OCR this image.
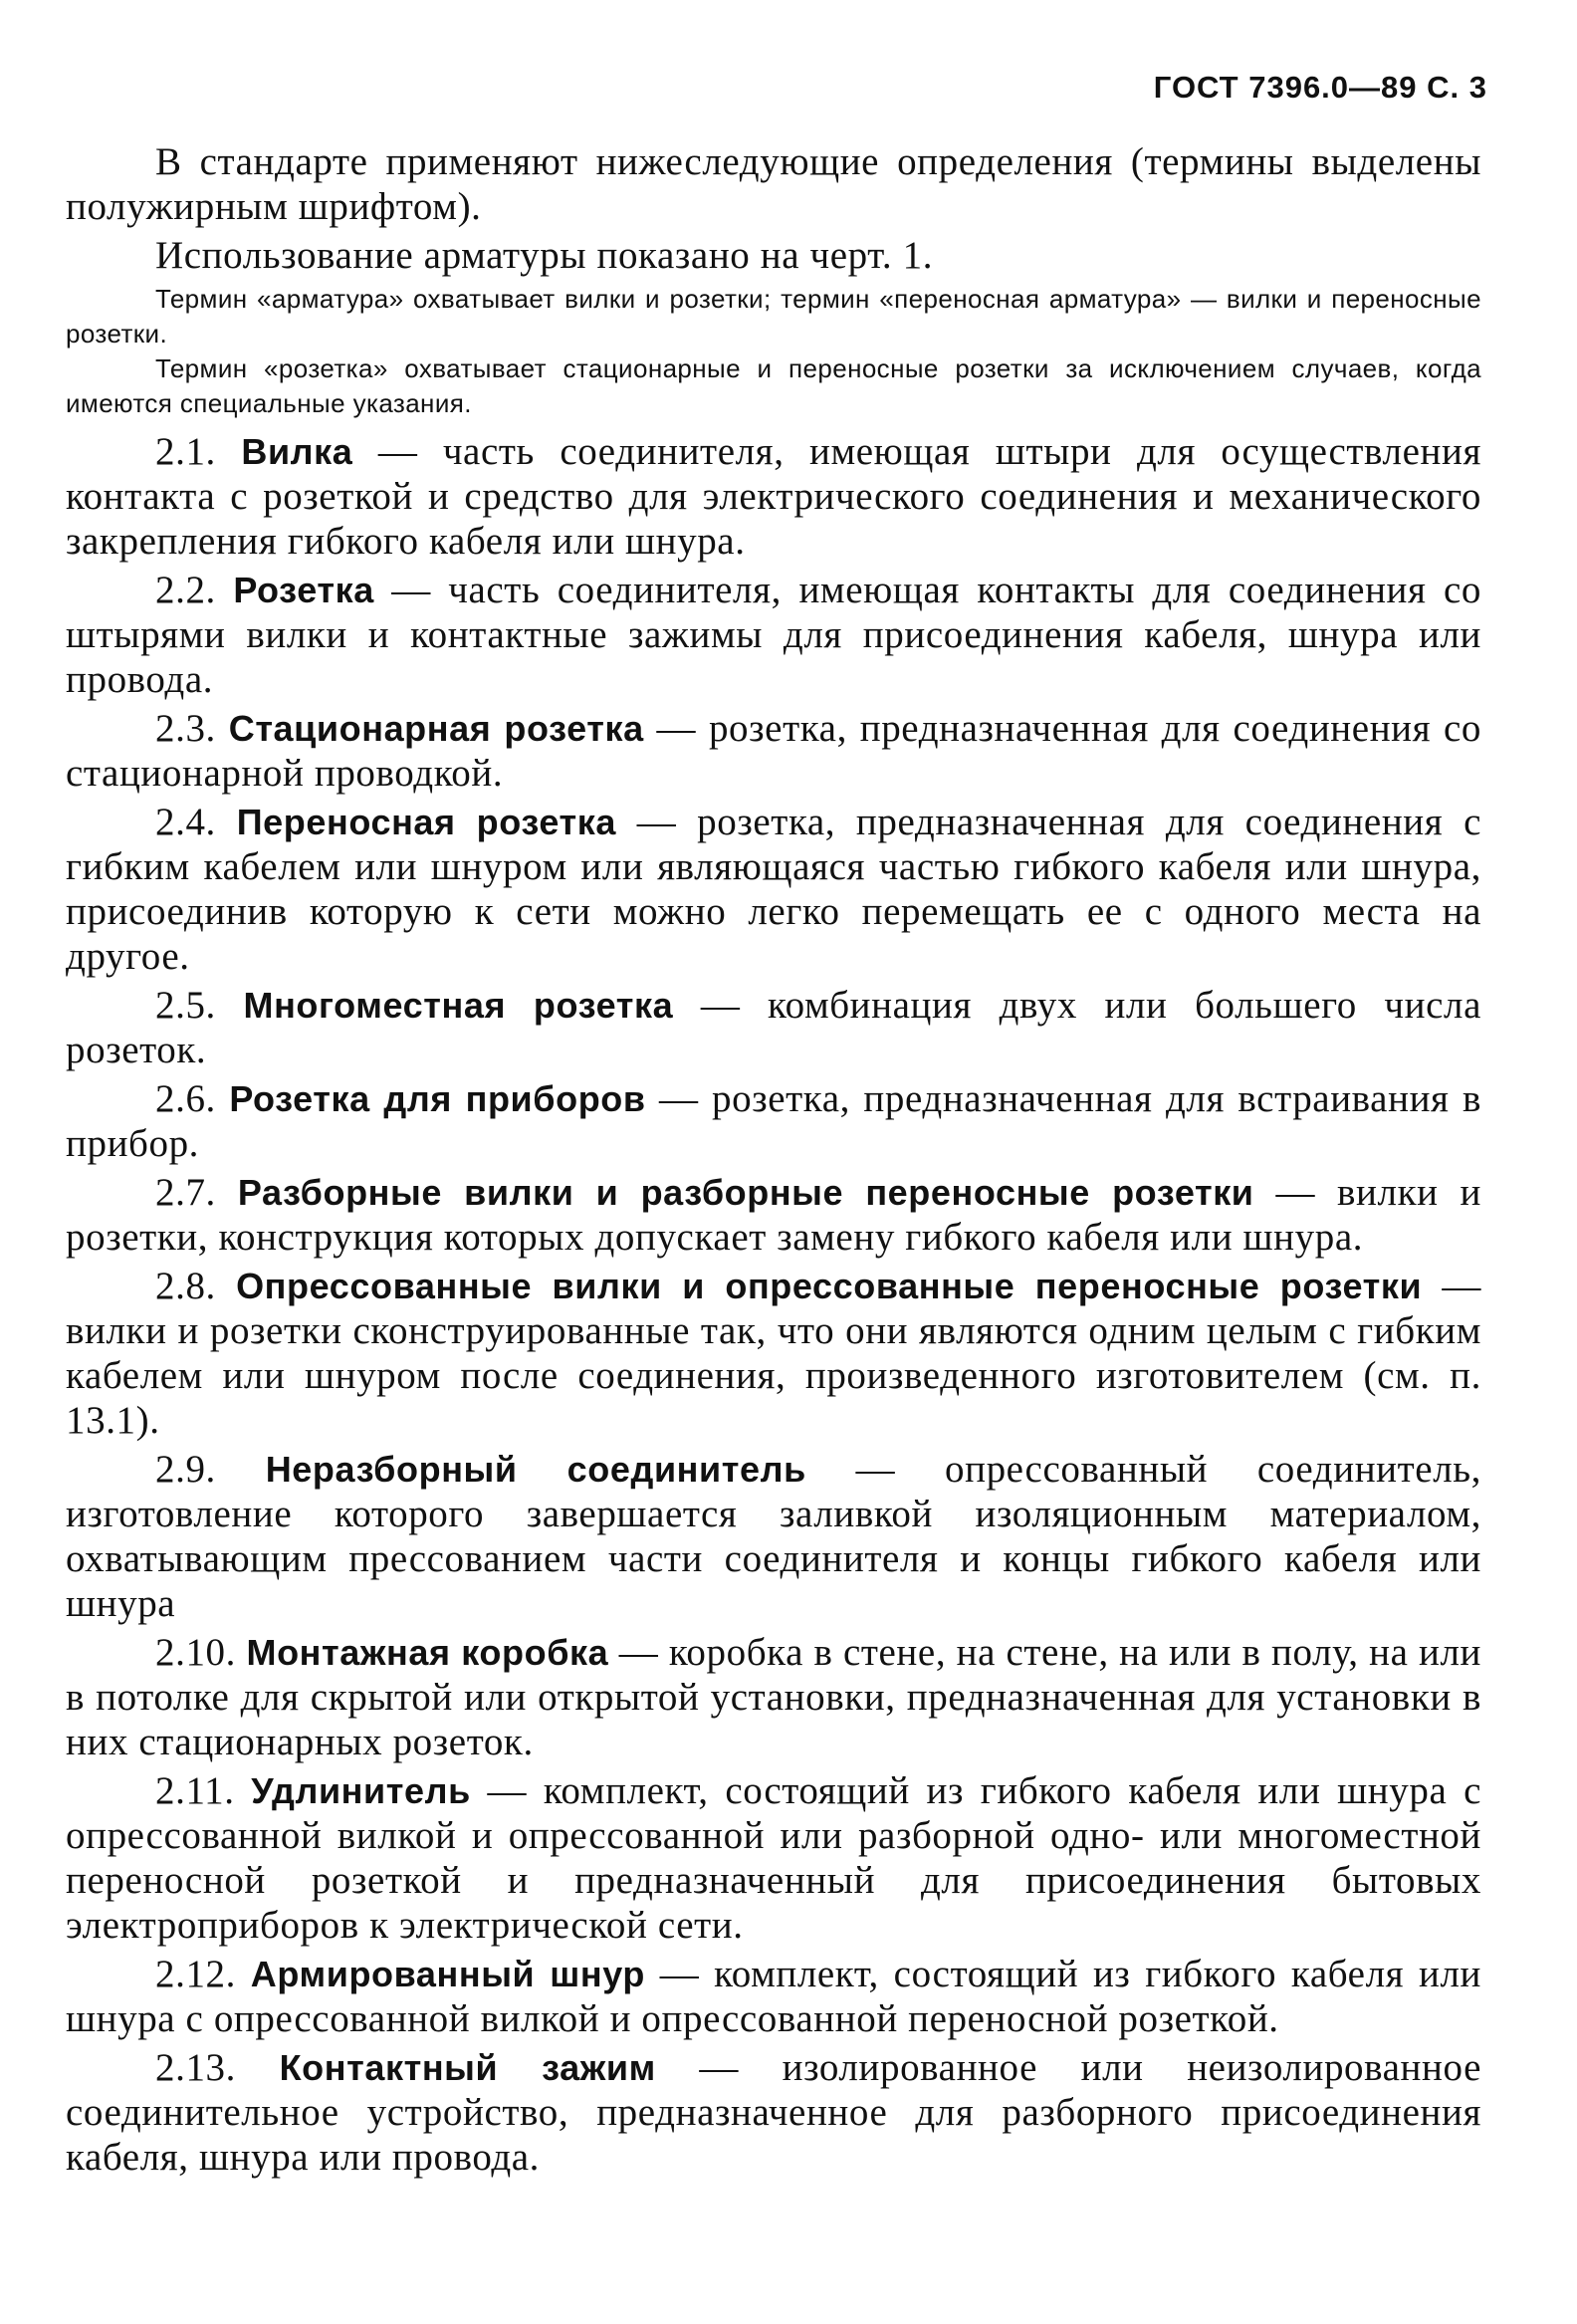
ГОСТ 7396.0—89 С. 3

В стандарте применяют нижеследующие определения (термины выделены полужирным шрифтом).

Использование арматуры показано на черт. 1.

Термин «арматура» охватывает вилки и розетки; термин «переносная арматура» — вилки и переносные розетки.

Термин «розетка» охватывает стационарные и переносные розетки за исключением случаев, когда имеются специальные указания.

2.1. Вилка — часть соединителя, имеющая штыри для осуществления контакта с розеткой и средство для электрического соединения и механического закрепления гибкого кабеля или шнура.

2.2. Розетка — часть соединителя, имеющая контакты для соединения со штырями вилки и контактные зажимы для присоединения кабеля, шнура или провода.

2.3. Стационарная розетка — розетка, предназначенная для соединения со стационарной проводкой.

2.4. Переносная розетка — розетка, предназначенная для соединения с гибким кабелем или шнуром или являющаяся частью гибкого кабеля или шнура, присоединив которую к сети можно легко перемещать ее с одного места на другое.

2.5. Многоместная розетка — комбинация двух или большего числа розеток.

2.6. Розетка для приборов — розетка, предназначенная для встраивания в прибор.

2.7. Разборные вилки и разборные переносные розетки — вилки и розетки, конструкция которых допускает замену гибкого кабеля или шнура.

2.8. Опрессованные вилки и опрессованные переносные розетки — вилки и розетки сконструированные так, что они являются одним целым с гибким кабелем или шнуром после соединения, произведенного изготовителем (см. п. 13.1).

2.9. Неразборный соединитель — опрессованный соединитель, изготовление которого завершается заливкой изоляционным материалом, охватывающим прессованием части соединителя и концы гибкого кабеля или шнура

2.10. Монтажная коробка — коробка в стене, на стене, на или в полу, на или в потолке для скрытой или открытой установки, предназначенная для установки в них стационарных розеток.

2.11. Удлинитель — комплект, состоящий из гибкого кабеля или шнура с опрессованной вилкой и опрессованной или разборной одно- или многоместной переносной розеткой и предназначенный для присоединения бытовых электроприборов к электрической сети.

2.12. Армированный шнур — комплект, состоящий из гибкого кабеля или шнура с опрессованной вилкой и опрессованной переносной розеткой.

2.13. Контактный зажим — изолированное или неизолированное соединительное устройство, предназначенное для разборного присоединения кабеля, шнура или провода.
